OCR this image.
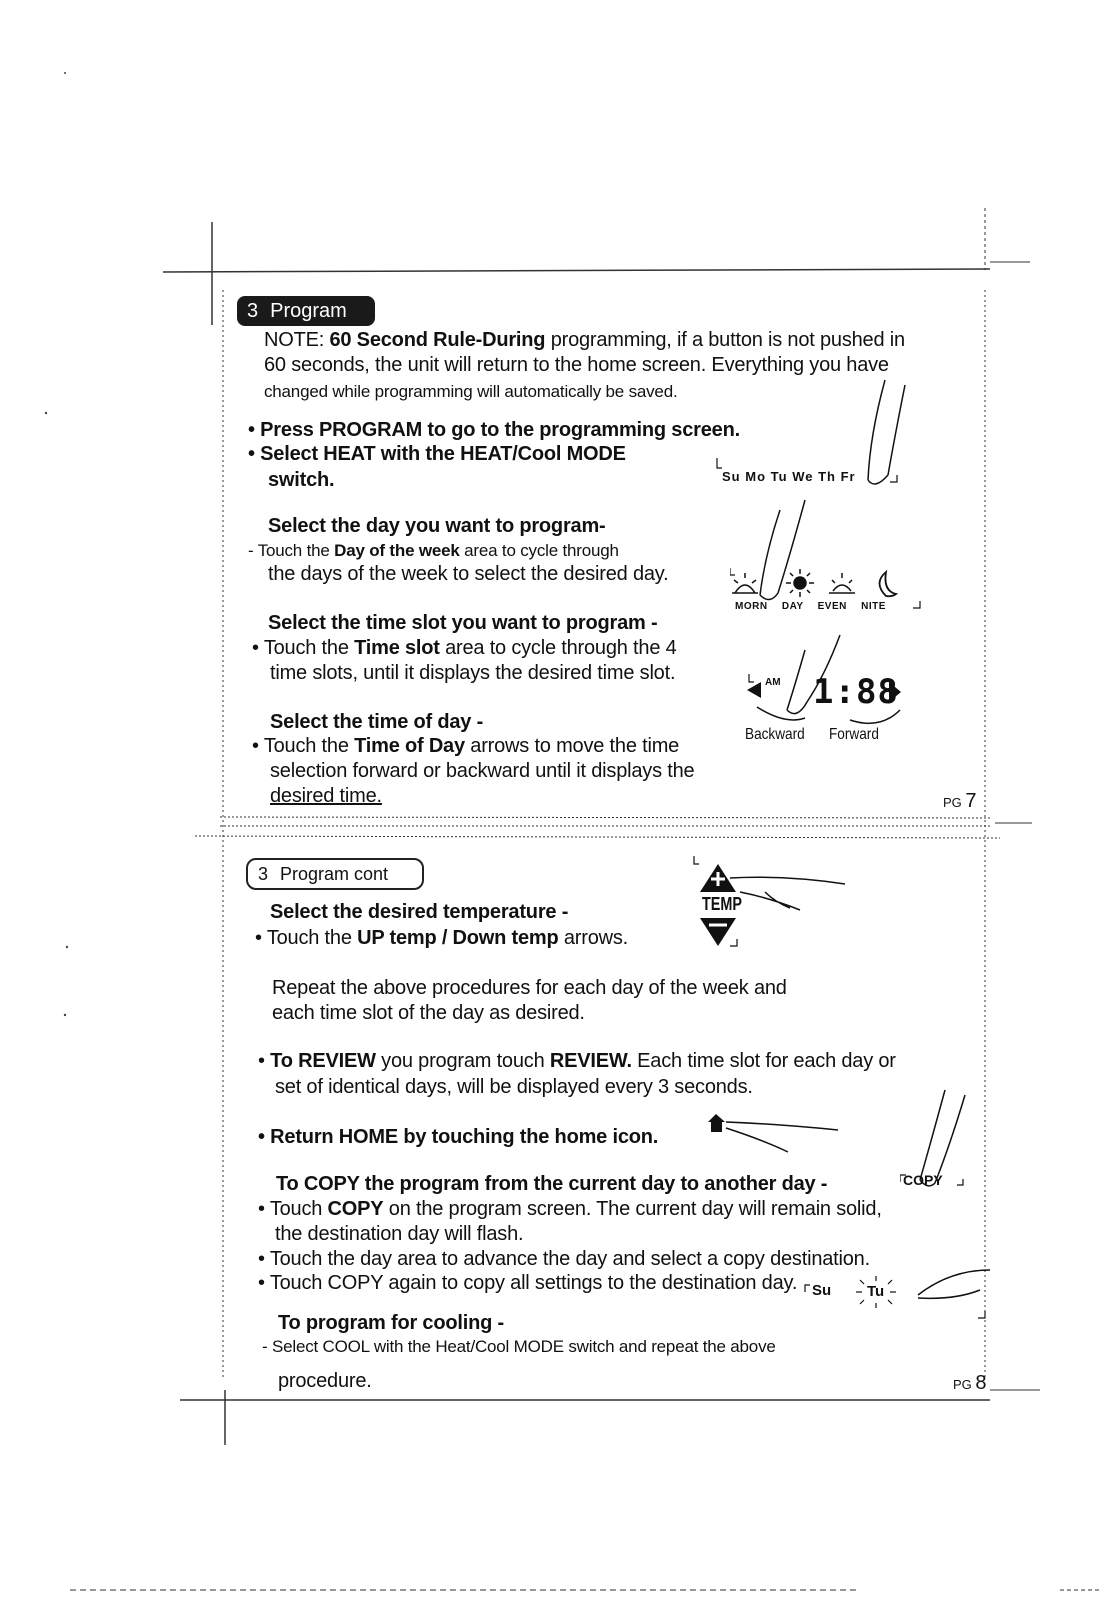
3 Program
NOTE: 60 Second Rule-During programming, if a button is not pushed in
60 seconds, the unit will return to the home screen. Everything you have
changed while programming will automatically be saved.
• Press PROGRAM to go to the programming screen.
• Select HEAT with the HEAT/Cool MODE
switch.
Select the day you want to program-
- Touch the Day of the week area to cycle through
the days of the week to select the desired day.
Select the time slot you want to program -
• Touch the Time slot area to cycle through the 4
time slots, until it displays the desired time slot.
Select the time of day -
• Touch the Time of Day arrows to move the time
selection forward or backward until it displays the
desired time.	PG 7
Su Mo Tu We Th Fr
MORN DAY EVEN NITE
AM 1:88
Backward Forward
3 Program cont
Select the desired temperature -
• Touch the UP temp / Down temp arrows.
TEMP
Repeat the above procedures for each day of the week and
each time slot of the day as desired.
• To REVIEW you program touch REVIEW. Each time slot for each day or
set of identical days, will be displayed every 3 seconds.
• Return HOME by touching the home icon.
To COPY the program from the current day to another day -	COPY
• Touch COPY on the program screen. The current day will remain solid,
the destination day will flash.
• Touch the day area to advance the day and select a copy destination.
• Touch COPY again to copy all settings to the destination day. Su Tu
To program for cooling -
- Select COOL with the Heat/Cool MODE switch and repeat the above
procedure.	PG 8
